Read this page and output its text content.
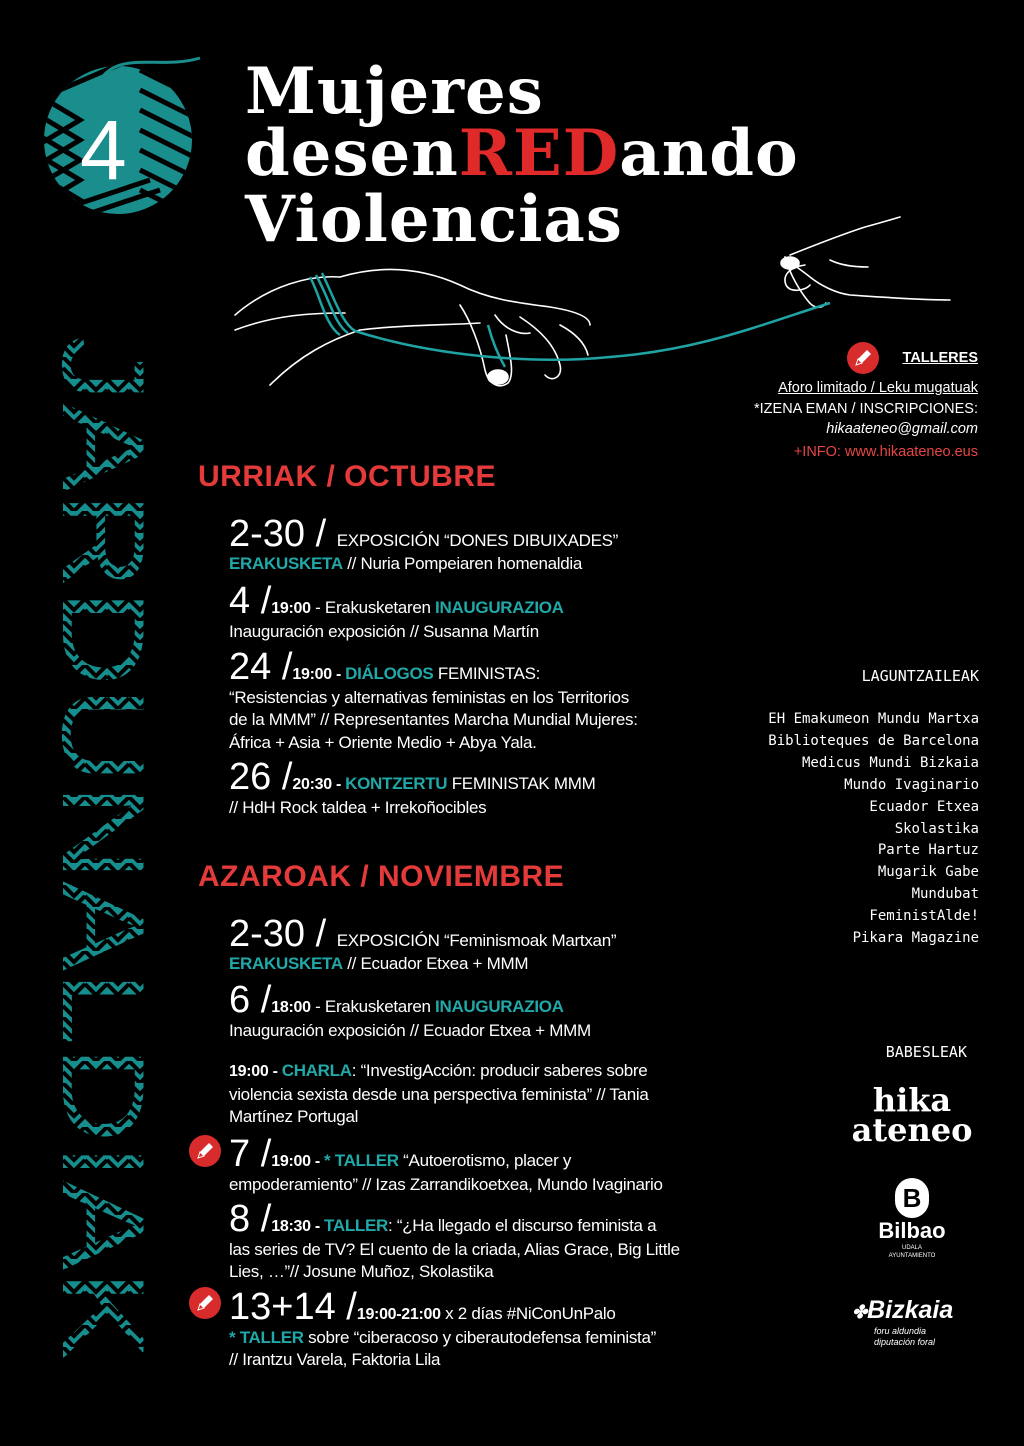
4
Mujeres
desenREDando
Violencias
TALLERES
Aforo limitado / Leku mugatuak
*IZENA EMAN / INSCRIPCIONES:
hikaateneo@gmail.com
+INFO: www.hikaateneo.eus
JARDUNALDIAK URRIAK / OCTUBRE
2-30 / EXPOSICIÓN “DONES DIBUIXADES”
ERAKUSKETA // Nuria Pompeiaren homenaldia
4 /19:00 - Erakusketaren INAUGURAZIOA
Inauguración exposición // Susanna Martín
24 /19:00 - DIÁLOGOS FEMINISTAS:
“Resistencias y alternativas feministas en los Territorios
de la MMM” // Representantes Marcha Mundial Mujeres:
África + Asia + Oriente Medio + Abya Yala.
26 /20:30 - KONTZERTU FEMINISTAK MMM
// HdH Rock taldea + Irrekoñocibles
AZAROAK / NOVIEMBRE
2-30 / EXPOSICIÓN “Feminismoak Martxan”
ERAKUSKETA // Ecuador Etxea + MMM
6 /18:00 - Erakusketaren INAUGURAZIOA
Inauguración exposición // Ecuador Etxea + MMM
19:00 - CHARLA: “InvestigAcción: producir saberes sobre
violencia sexista desde una perspectiva feminista” // Tania
Martínez Portugal
7 /19:00 - * TALLER “Autoerotismo, placer y
empoderamiento” // Izas Zarrandikoetxea, Mundo Ivaginario
8 /18:30 - TALLER: “¿Ha llegado el discurso feminista a
las series de TV? El cuento de la criada, Alias Grace, Big Little
Lies, …”// Josune Muñoz, Skolastika
13+14 /19:00-21:00 x 2 días #NiConUnPalo
* TALLER sobre “ciberacoso y ciberautodefensa feminista”
// Irantzu Varela, Faktoria Lila
LAGUNTZAILEAK
EH Emakumeon Mundu Martxa
Biblioteques de Barcelona
Medicus Mundi Bizkaia
Mundo Ivaginario
Ecuador Etxea
Skolastika
Parte Hartuz
Mugarik Gabe
Mundubat
FeministAlde!
Pikara Magazine
BABESLEAK
hika
ateneo
B
Bilbao
UDALA
AYUNTAMIENTO
✤Bizkaia
foru aldundia
diputación foral
